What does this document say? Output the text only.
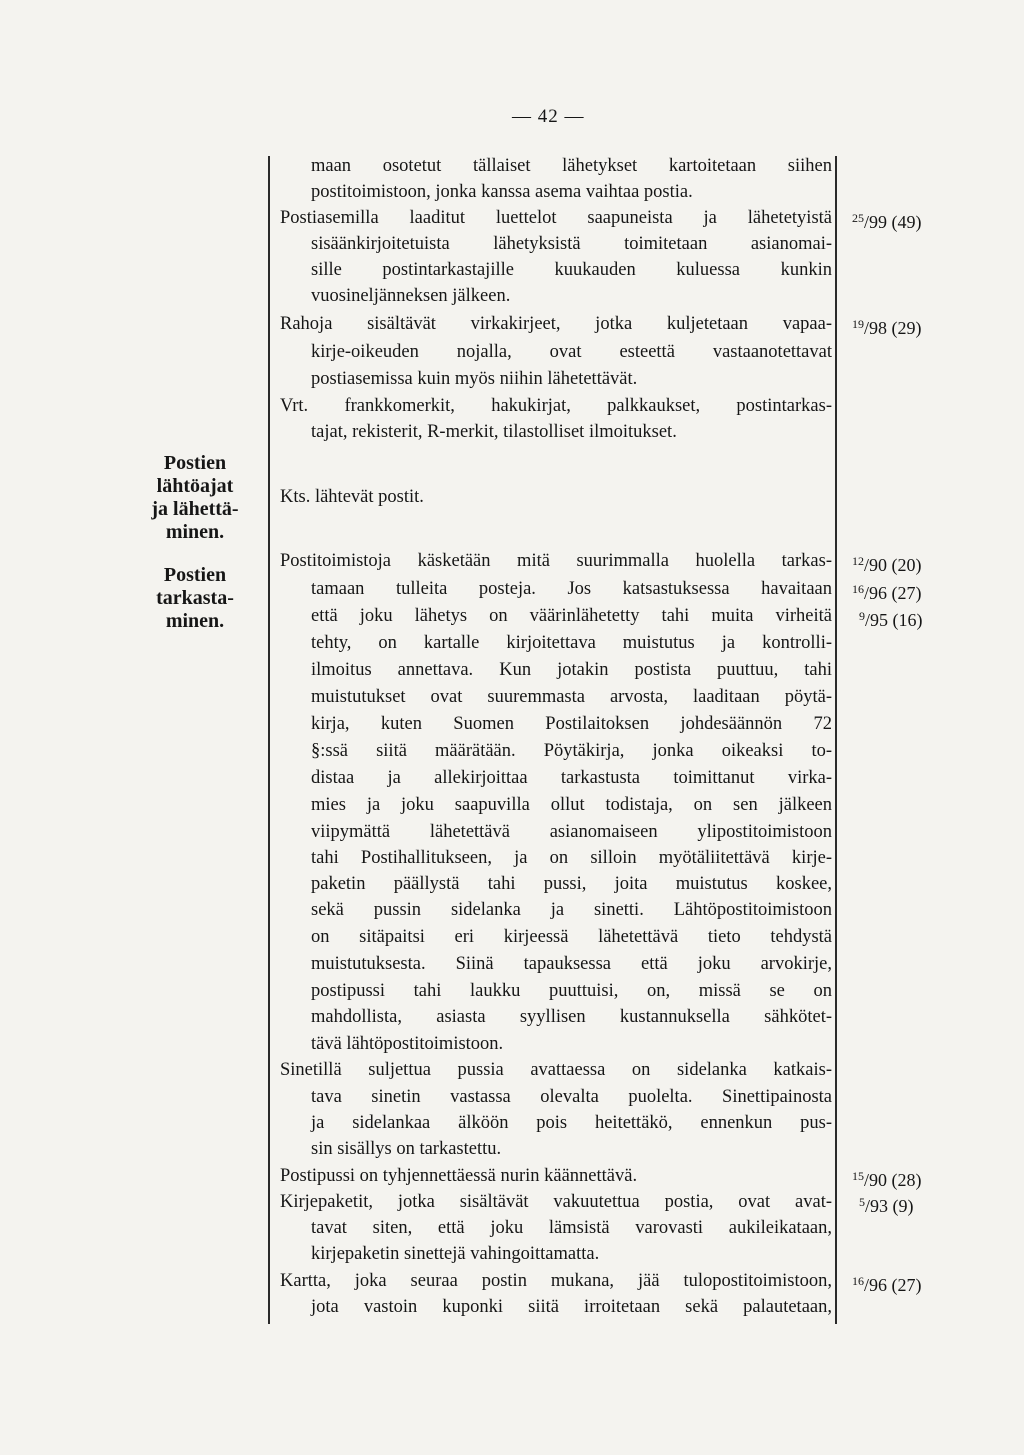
— 42 —
Postien
lähtöajat
ja lähettä-
minen.
Postien
tarkasta-
minen.
maan osotetut tällaiset lähetykset kartoitetaan siihen
postitoimistoon, jonka kanssa asema vaihtaa postia.
Postiasemilla laaditut luettelot saapuneista ja lähetetyistä
sisäänkirjoitetuista lähetyksistä toimitetaan asianomai-
sille postintarkastajille kuukauden kuluessa kunkin
vuosineljänneksen jälkeen.
Rahoja sisältävät virkakirjeet, jotka kuljetetaan vapaa-
kirje-oikeuden nojalla, ovat esteettä vastaanotettavat
postiasemissa kuin myös niihin lähetettävät.
Vrt. frankkomerkit, hakukirjat, palkkaukset, postintarkas-
tajat, rekisterit, R-merkit, tilastolliset ilmoitukset.
Kts. lähtevät postit.
Postitoimistoja käsketään mitä suurimmalla huolella tarkas-
tamaan tulleita posteja. Jos katsastuksessa havaitaan
että joku lähetys on väärinlähetetty tahi muita virheitä
tehty, on kartalle kirjoitettava muistutus ja kontrolli-
ilmoitus annettava. Kun jotakin postista puuttuu, tahi
muistutukset ovat suuremmasta arvosta, laaditaan pöytä-
kirja, kuten Suomen Postilaitoksen johdesäännön 72
§:ssä siitä määrätään. Pöytäkirja, jonka oikeaksi to-
distaa ja allekirjoittaa tarkastusta toimittanut virka-
mies ja joku saapuvilla ollut todistaja, on sen jälkeen
viipymättä lähetettävä asianomaiseen ylipostitoimistoon
tahi Postihallitukseen, ja on silloin myötäliitettävä kirje-
paketin päällystä tahi pussi, joita muistutus koskee,
sekä pussin sidelanka ja sinetti. Lähtöpostitoimistoon
on sitäpaitsi eri kirjeessä lähetettävä tieto tehdystä
muistutuksesta. Siinä tapauksessa että joku arvokirje,
postipussi tahi laukku puuttuisi, on, missä se on
mahdollista, asiasta syyllisen kustannuksella sähkötet-
tävä lähtöpostitoimistoon.
Sinetillä suljettua pussia avattaessa on sidelanka katkais-
tava sinetin vastassa olevalta puolelta. Sinettipainosta
ja sidelankaa älköön pois heitettäkö, ennenkun pus-
sin sisällys on tarkastettu.
Postipussi on tyhjennettäessä nurin käännettävä.
Kirjepaketit, jotka sisältävät vakuutettua postia, ovat avat-
tavat siten, että joku lämsistä varovasti aukileikataan,
kirjepaketin sinettejä vahingoittamatta.
Kartta, joka seuraa postin mukana, jää tulopostitoimistoon,
jota vastoin kuponki siitä irroitetaan sekä palautetaan,
$^{25}$/99 (49)
$^{19}$/98 (29)
$^{12}$/90 (20)
$^{16}$/96 (27)
$^9$/95 (16)
$^{15}$/90 (28)
$^5$/93 (9)
$^{16}$/96 (27)
